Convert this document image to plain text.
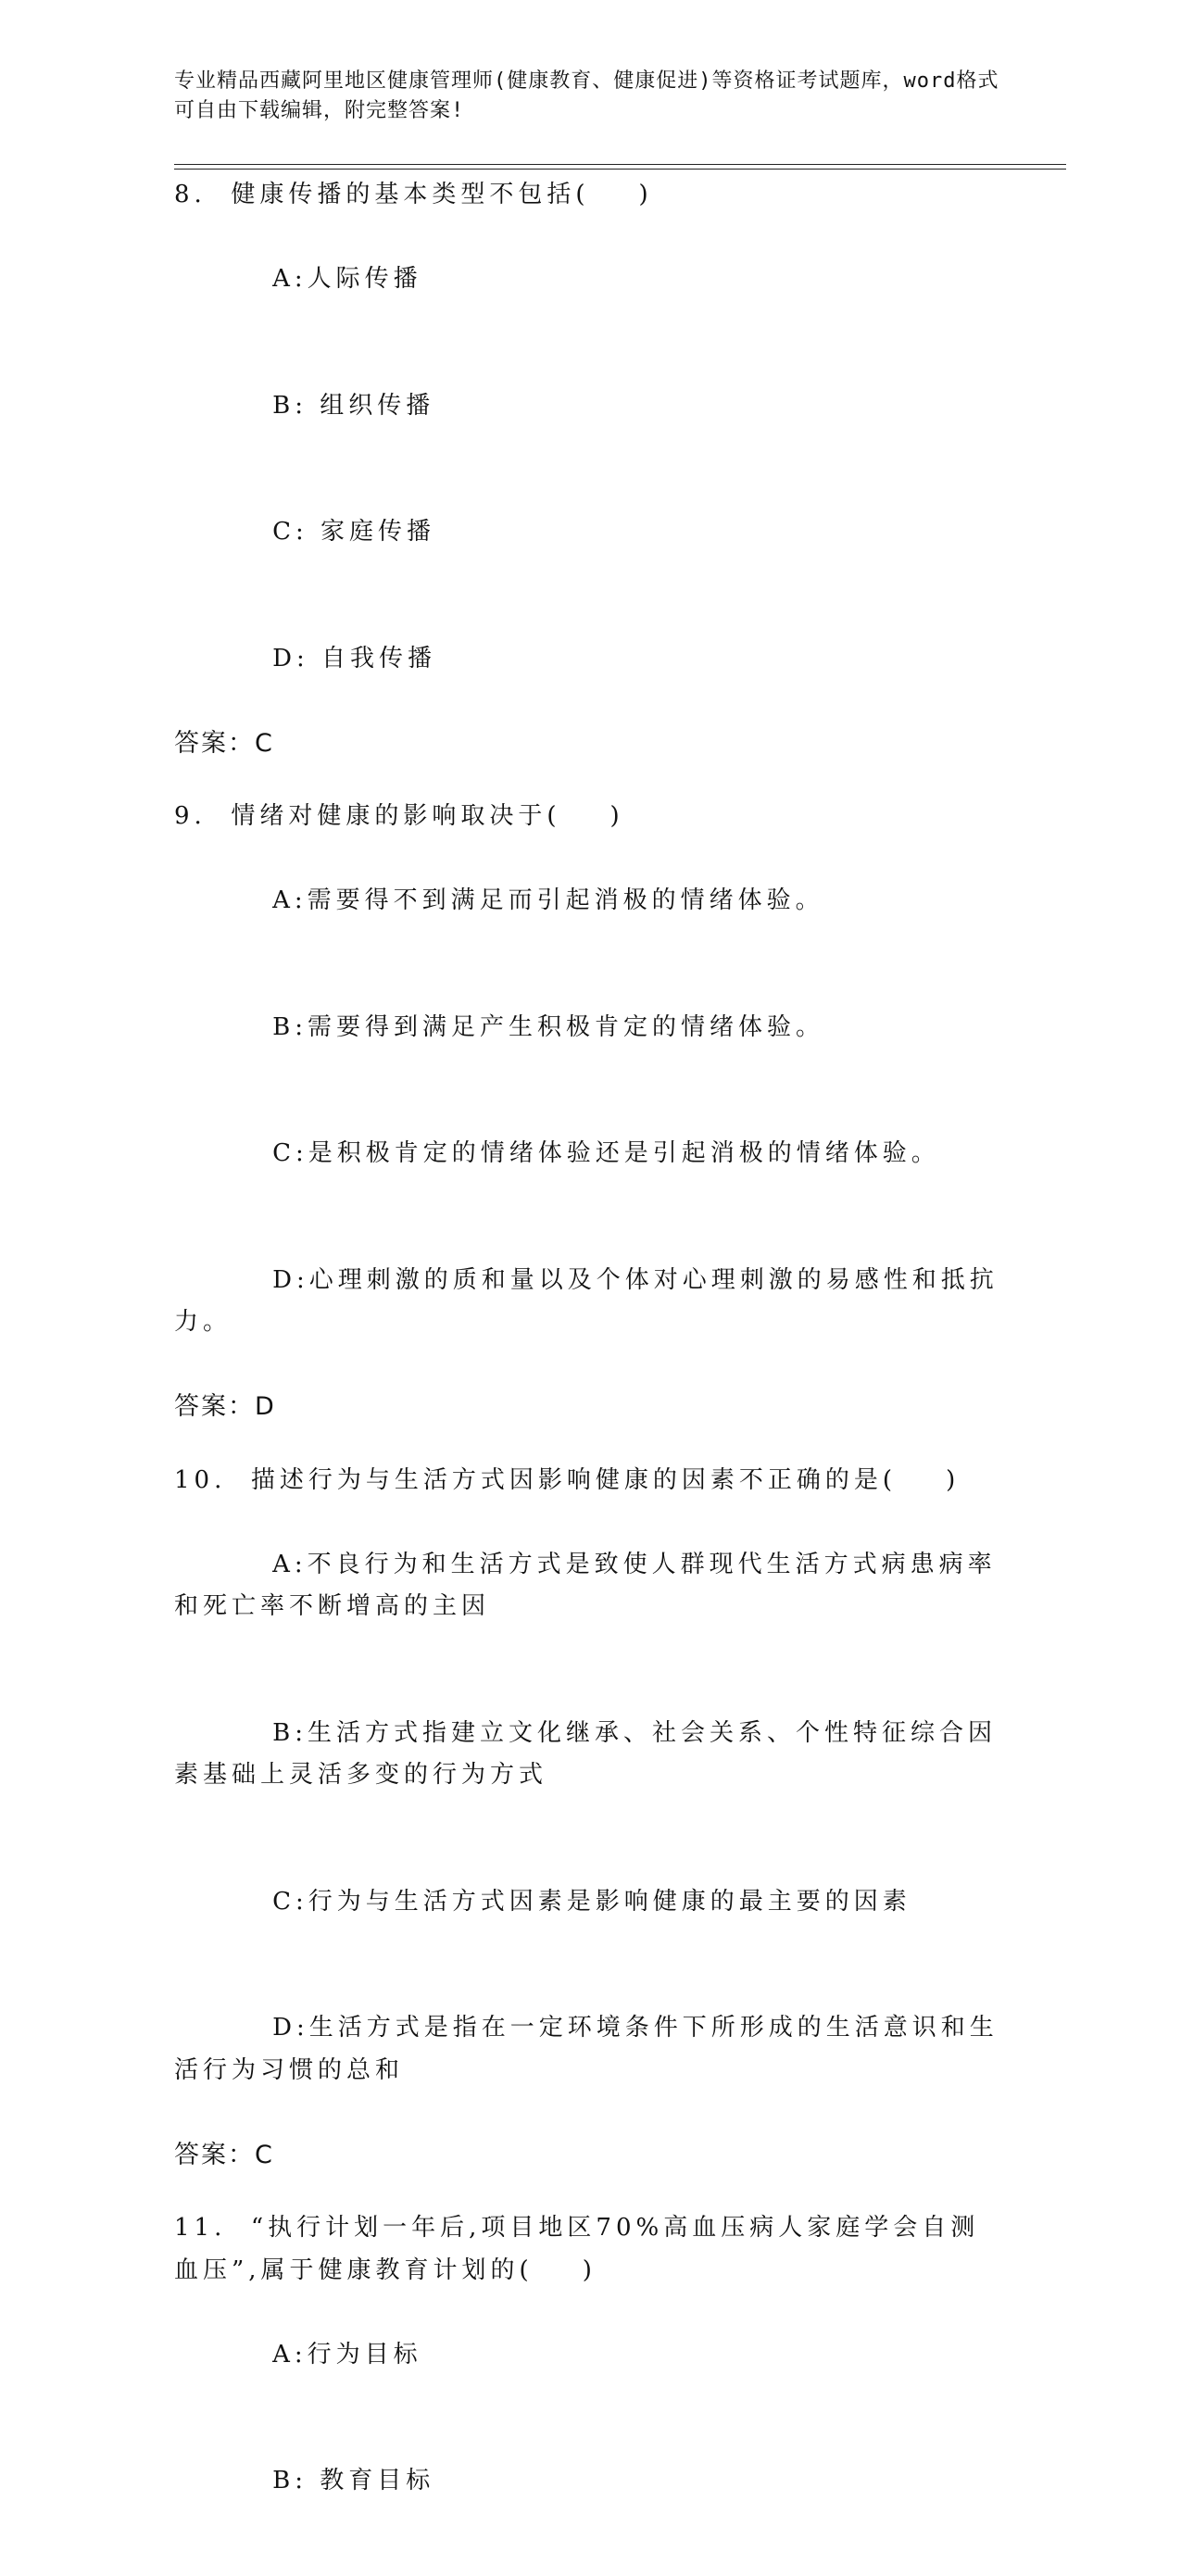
专业精品西藏阿里地区健康管理师(健康教育、健康促进)等资格证考试题库，word格式可自由下载编辑，附完整答案!
8.  健康传播的基本类型不包括(    )

A:人际传播

B: 组织传播

C: 家庭传播

D: 自我传播

答案：C
9.  情绪对健康的影响取决于(    )

A:需要得不到满足而引起消极的情绪体验。

B:需要得到满足产生积极肯定的情绪体验。

C:是积极肯定的情绪体验还是引起消极的情绪体验。

D:心理刺激的质和量以及个体对心理刺激的易感性和抵抗力。

答案：D
10.  描述行为与生活方式因影响健康的因素不正确的是(    )

A:不良行为和生活方式是致使人群现代生活方式病患病率和死亡率不断增高的主因

B:生活方式指建立文化继承、社会关系、个性特征综合因素基础上灵活多变的行为方式

C:行为与生活方式因素是影响健康的最主要的因素

D:生活方式是指在一定环境条件下所形成的生活意识和生活行为习惯的总和

答案：C
11.  “执行计划一年后,项目地区70%高血压病人家庭学会自测血压”,属于健康教育计划的(    )

A:行为目标

B: 教育目标
